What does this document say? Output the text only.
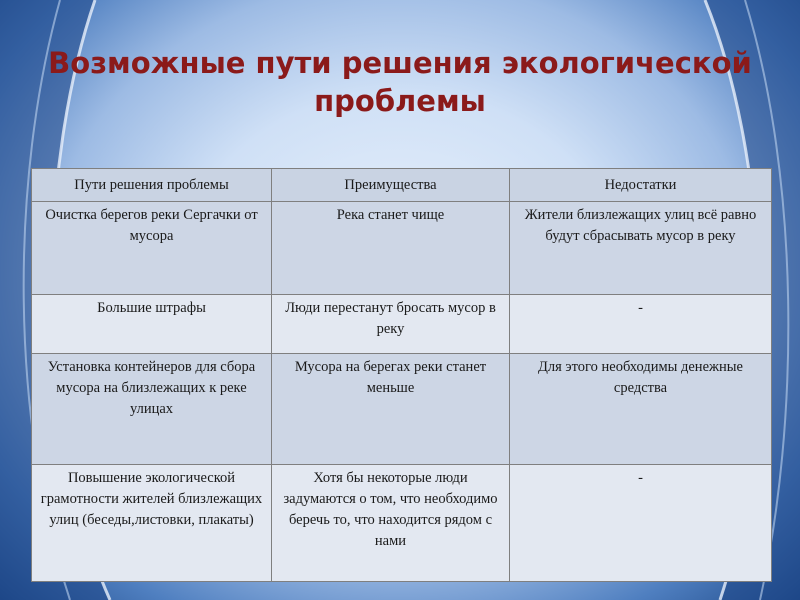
Возможные пути решения экологической проблемы
Пути решения проблемы	Преимущества	Недостатки
Очистка берегов реки Сергачки от мусора	Река станет чище	Жители близлежащих улиц всё равно будут сбрасывать мусор в реку
Большие штрафы	Люди перестанут бросать мусор в реку	-
Установка контейнеров для сбора мусора на близлежащих к реке улицах	Мусора на берегах реки станет меньше	Для этого необходимы денежные средства
Повышение экологической грамотности жителей близлежащих улиц (беседы,листовки, плакаты)	Хотя бы некоторые люди задумаются о том, что необходимо беречь то, что находится рядом с нами	-
